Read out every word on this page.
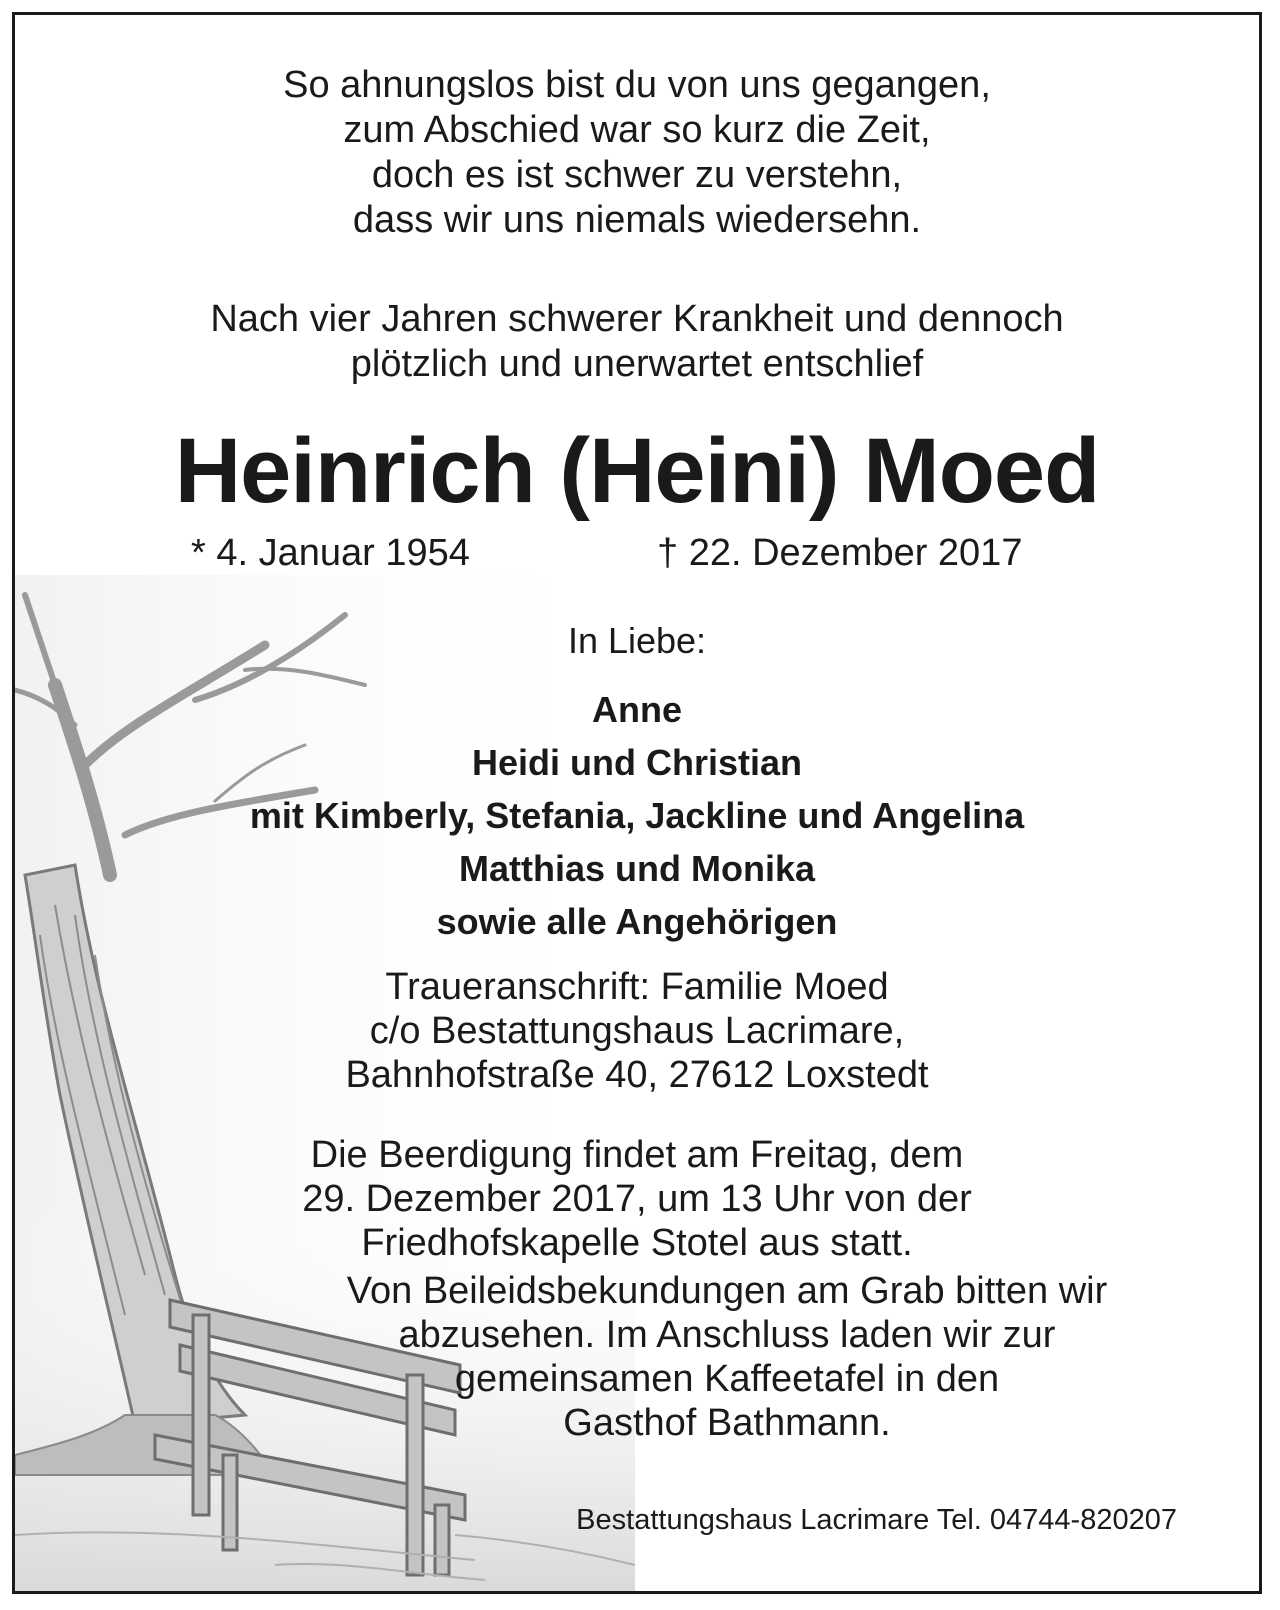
So ahnungslos bist du von uns gegangen,
zum Abschied war so kurz die Zeit,
doch es ist schwer zu verstehn,
dass wir uns niemals wiedersehn.
Nach vier Jahren schwerer Krankheit und dennoch
plötzlich und unerwartet entschlief
Heinrich (Heini) Moed
* 4. Januar 1954	† 22. Dezember 2017
In Liebe:
Anne
Heidi und Christian
mit Kimberly, Stefania, Jackline und Angelina
Matthias und Monika
sowie alle Angehörigen
Traueranschrift: Familie Moed
c/o Bestattungshaus Lacrimare,
Bahnhofstraße 40, 27612 Loxstedt
Die Beerdigung findet am Freitag, dem
29. Dezember 2017, um 13 Uhr von der
Friedhofskapelle Stotel aus statt.
Von Beileidsbekundungen am Grab bitten wir
abzusehen. Im Anschluss laden wir zur
gemeinsamen Kaffeetafel in den
Gasthof Bathmann.
Bestattungshaus Lacrimare Tel. 04744-820207
